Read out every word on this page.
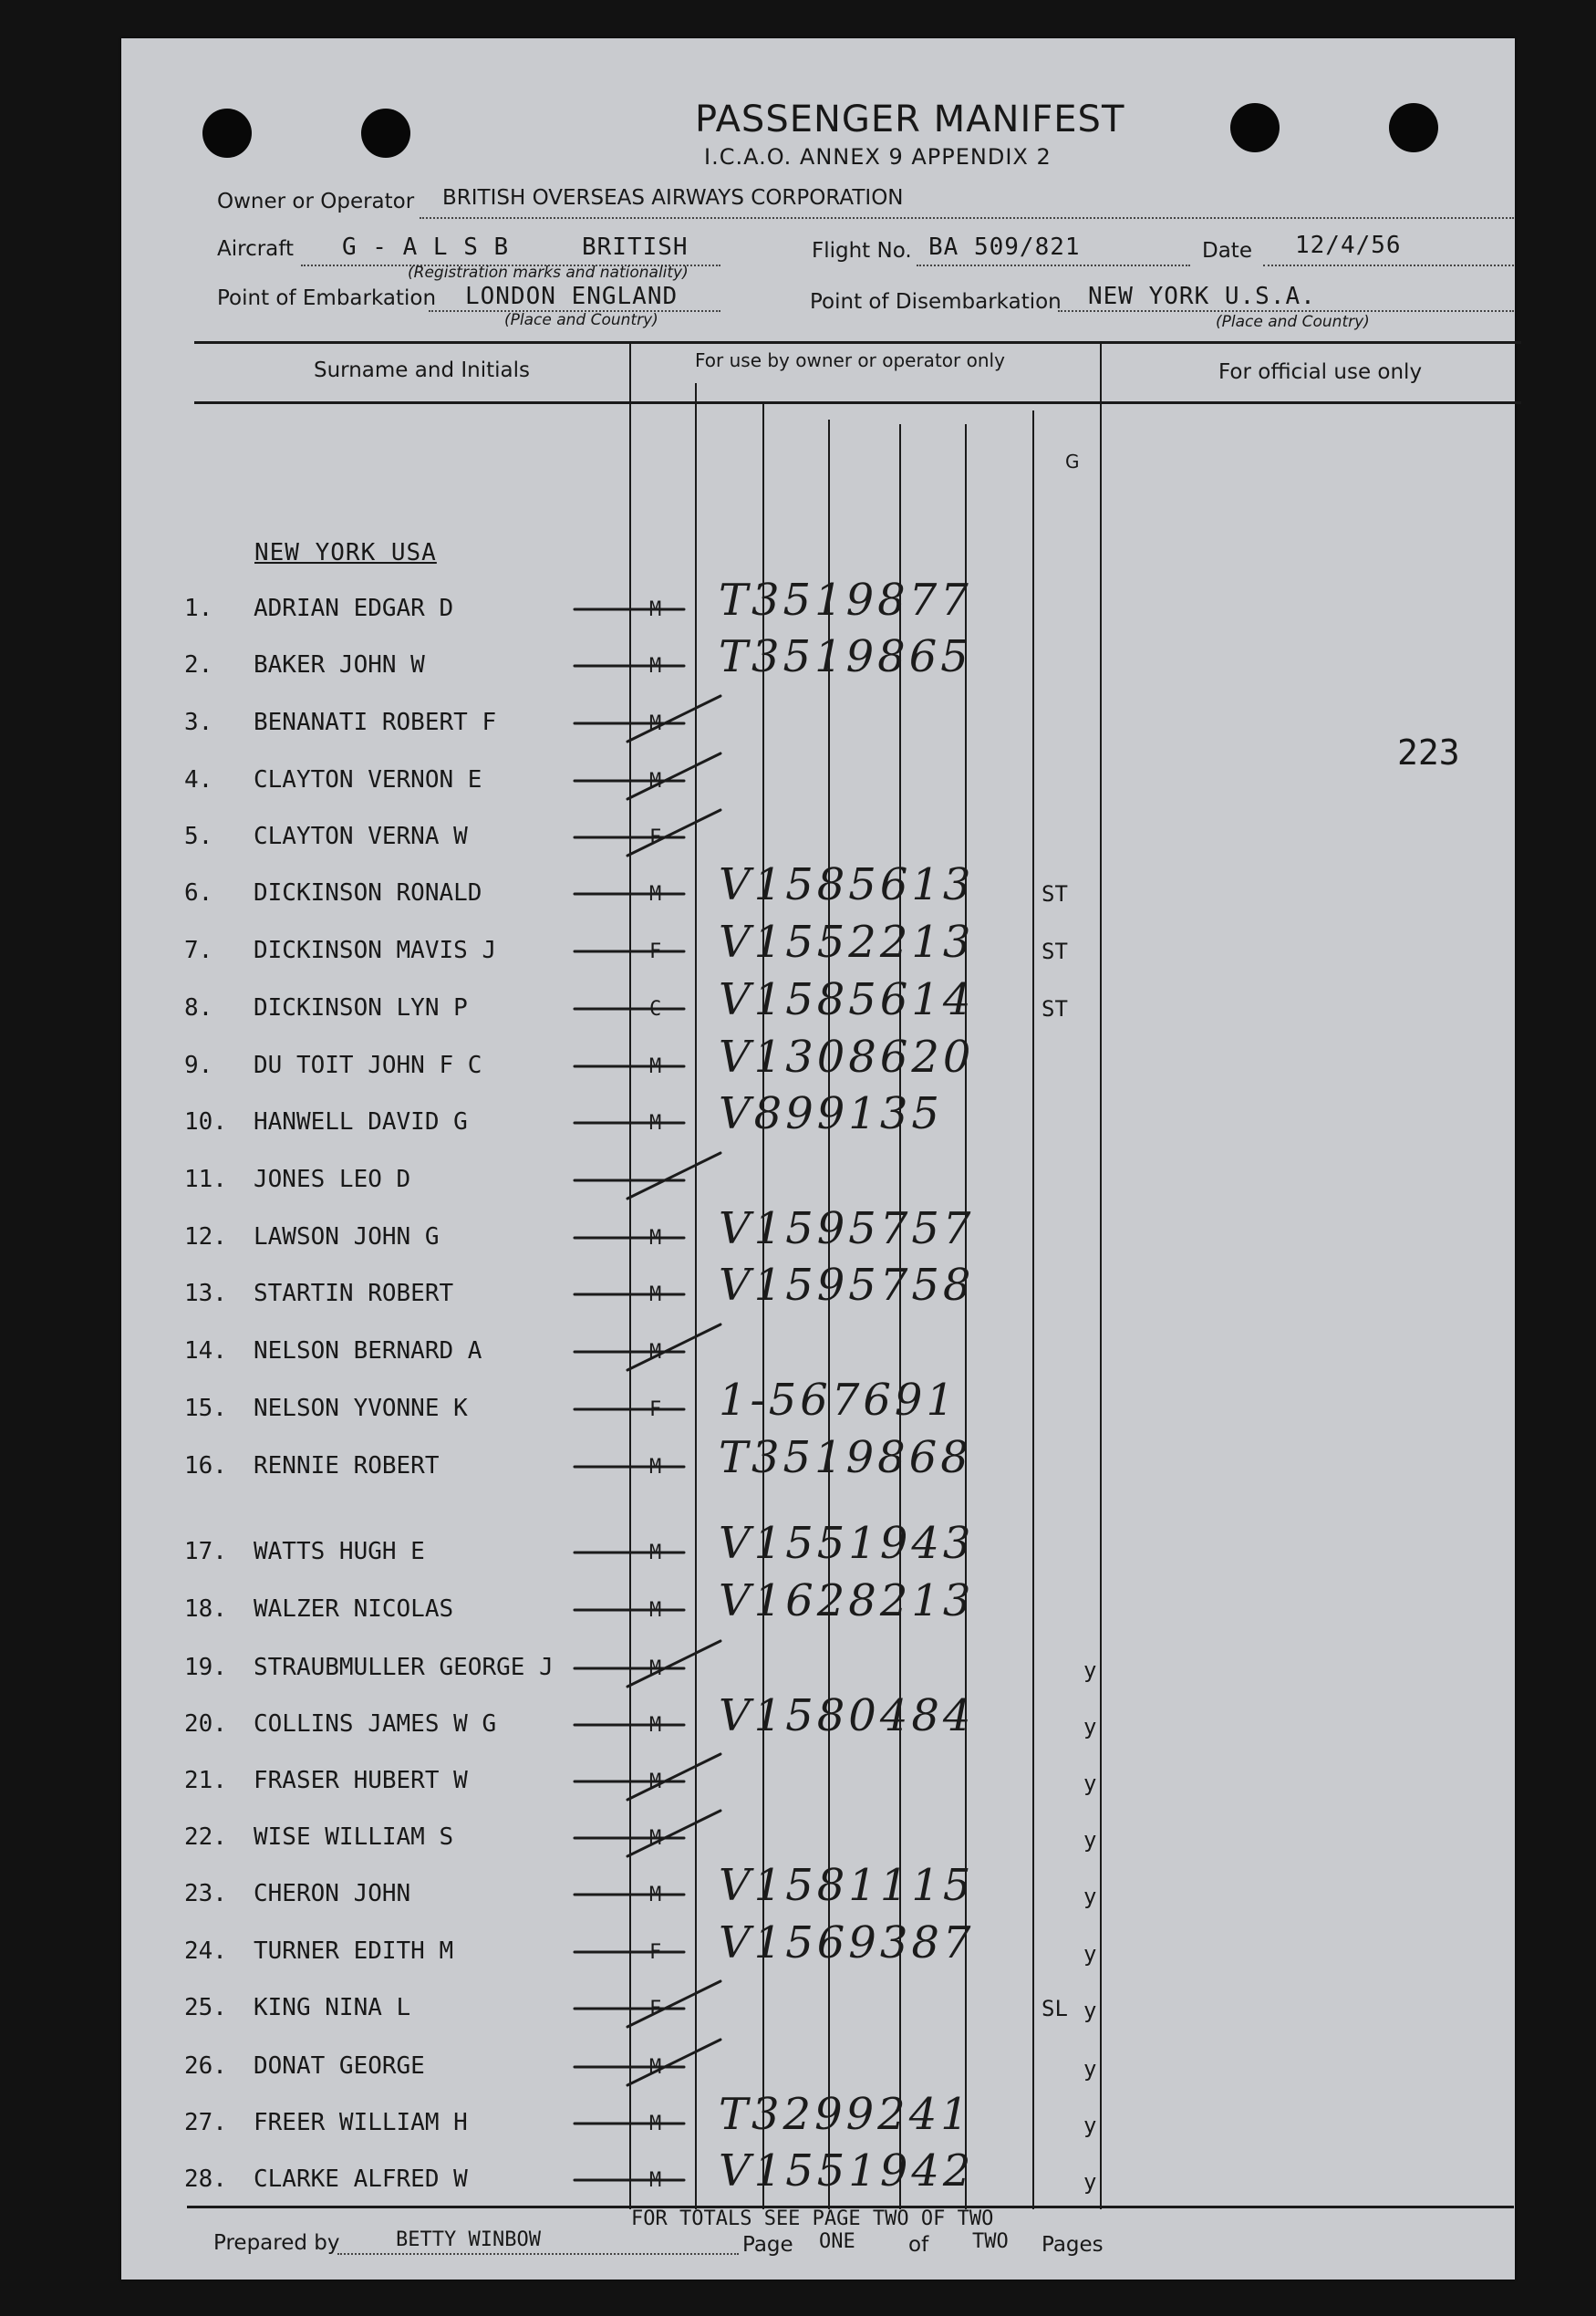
PASSENGER MANIFEST
I.C.A.O. ANNEX 9 APPENDIX 2
Owner or Operator BRITISH OVERSEAS AIRWAYS CORPORATION
Aircraft G - A L S B	BRITISH
(Registration marks and nationality)
Flight No. BA 509/821	Date 12/4/56
Point of Embarkation LONDON ENGLAND
(Place and Country)
Point of Disembarkation NEW YORK U.S.A.
(Place and Country)
Surname and Initials	For use by owner or operator only	For official use only
G
NEW YORK USA
223
1. ADRIAN EDGAR D	M T3519877
2. BAKER JOHN W	M T3519865
3. BENANATI ROBERT F	M
4. CLAYTON VERNON E	M
5. CLAYTON VERNA W	F
6. DICKINSON RONALD	M V1585613	ST
7. DICKINSON MAVIS J	F V1552213	ST
8. DICKINSON LYN P	C V1585614	ST
9. DU TOIT JOHN F C	M V1308620
10. HANWELL DAVID G	M V899135
11. JONES LEO D
12. LAWSON JOHN G	M V1595757
13. STARTIN ROBERT	M V1595758
14. NELSON BERNARD A	M
15. NELSON YVONNE K	F 1-567691
16. RENNIE ROBERT	M T3519868
17. WATTS HUGH E	M V1551943
18. WALZER NICOLAS	M V1628213
19. STRAUBMULLER GEORGE J	M	y
20. COLLINS JAMES W G	M V1580484	y
21. FRASER HUBERT W	M	y
22. WISE WILLIAM S	M	y
23. CHERON JOHN	M V1581115	y
24. TURNER EDITH M	F V1569387	y
25. KING NINA L	F	SL y
26. DONAT GEORGE	M	y
27. FREER WILLIAM H	M T3299241	y
28. CLARKE ALFRED W	M V1551942	y
FOR TOTALS SEE PAGE TWO OF TWO
Prepared by	BETTY WINBOW	Page ONE	of TWO Pages
